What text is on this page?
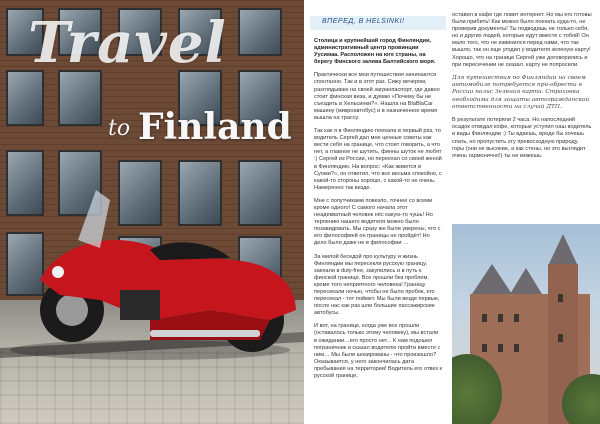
Travel
to Finland

ВПЕРЕД, В HELSINKI!

Столица и крупнейший город Финляндии, административный центр провинции Уусимаа. Расположен на юге страны, на берегу Финского залива Балтийского моря.

Практически все мои путешествия начинаются спонтанно. Так и в этот раз. Сижу вечером, разглядываю на своей загранпаспорт, где давно стоит финская виза, и думаю «Почему бы не съездить в Хельсинки?». Нашла на BlaBlaCar машину (микроавтобус) и в назначенное время вышла на трассу.

Так как я в Финляндию поехала в первый раз, то водитель Сергей дал мне ценные советы как вести себя на границе, что стоит говорить, а что нет, а главное не шутить, финны шуток не любят :) Сергей из России, но переехал со своей женой в Финляндию. На вопрос: «Как живется в Суоми?», он ответил, что все весьма спокойно, с какой-то стороны хорошо, с какой-то не очень. Намеренно так везде.

Мне с попутчиками повезло, точнее со всеми кроме одного! С самого начала этот неадекватный человек нёс какую-то чушь! Но терпению нашего водителя можно было позавидовать. Мы сразу же были уверены, что с его философией он границы не пройдёт! Но дело было даже не в философии …

За милой беседой про культуру и жизнь Финляндии мы пересекли русскую границу, заехали в duty-free, закупились и в путь к финской границе. Все прошли без проблем, кроме того неприятного человека! Границу пересекали ночью, чтобы не было пробок, кто пересекал - тот поймет. Мы были везде первые, после нас как раз шли большие пассажирские автобусы.

И вот, на границе, когда уже все прошли (оставалось только этому человеку), мы встали в ожидании…его просто нет... К нам подошел пограничник и сказал водителю пройти вместе с ним… Мы были шокированы - что произошло? Оказывается, у него закончилась дата пребывания на территории! Водитель его отвез к русской границе,

оставил в кафе где ловит интернет. Но мы его готовы были прибить! Как можно было поехать куда-то, не проверив документы! Ты подводишь не только себя, но и других людей, которые едут вместе с тобой! Он мало того, что не извинился перед нами, что так вышло, так он еще угодил у водителя зеленую карту! Хорошо, что на границе Сергей уже договорились и при пересечении не сказал. карту не попросили.

Для путешествия по Финляндии на своем автомобиле потребуется при-обрести в России полис Зеленая карта. Страховка необходима для защиты автогражданской ответственности на случай ДТП.

В результате потеряли 2 часа. Но напоследний осадок отведал кофе, которые уступил наш водитель и виды Финляндии :) Ты вдаешь, вроде бы хочешь спать, но пропустить эту превосходную природу, горы (они не высокие, а как стены, но это выглядит очень гармонично!) ты не можешь.

67
